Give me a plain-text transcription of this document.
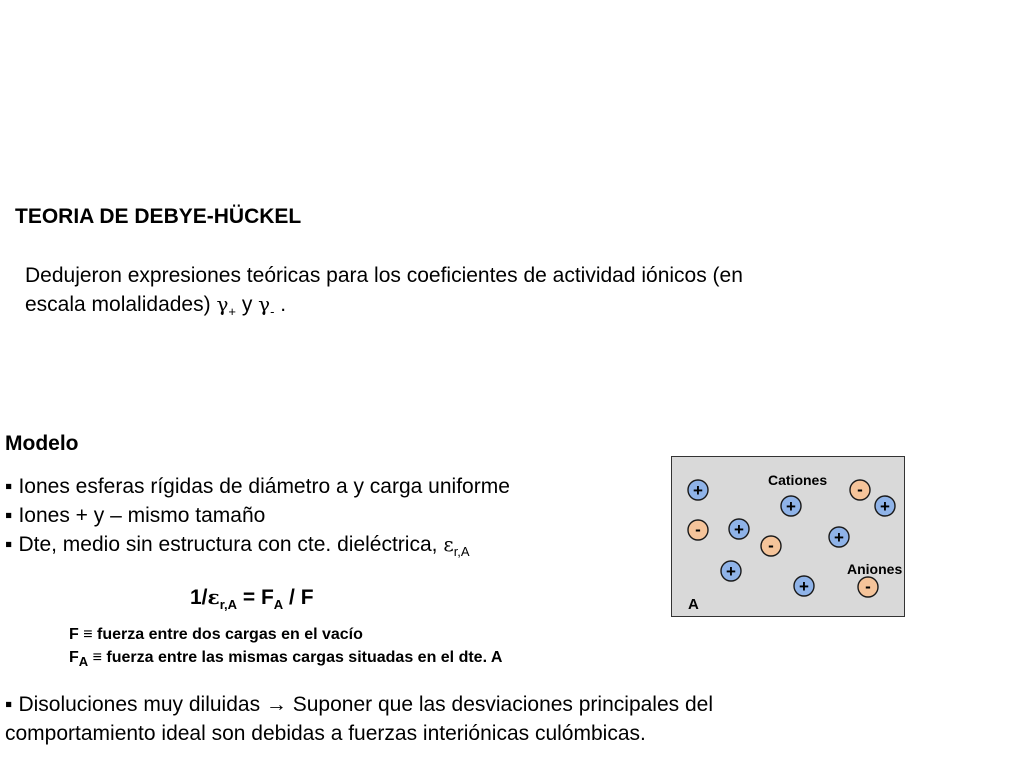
TEORIA DE DEBYE-HÜCKEL
Dedujeron expresiones teóricas para los coeficientes de actividad iónicos (en
escala molalidades) $\gamma_+$ y $\gamma_-$ .
Modelo
▪ Iones esferas rígidas de diámetro a y carga uniforme
▪ Iones + y – mismo tamaño
▪ Dte, medio sin estructura con cte. dieléctrica, $\varepsilon_{r,A}$
$1/\varepsilon_{r,A} = F_A / F$
F ≡ fuerza entre dos cargas en el vacío
$F_A$ ≡ fuerza entre las mismas cargas situadas en el dte. A
▪ Disoluciones muy diluidas → Suponer que las desviaciones principales del
comportamiento ideal son debidas a fuerzas interiónicas culómbicas.
+
+	+
-
- +
-	+
+
+	-
Cationes
Aniones
A
